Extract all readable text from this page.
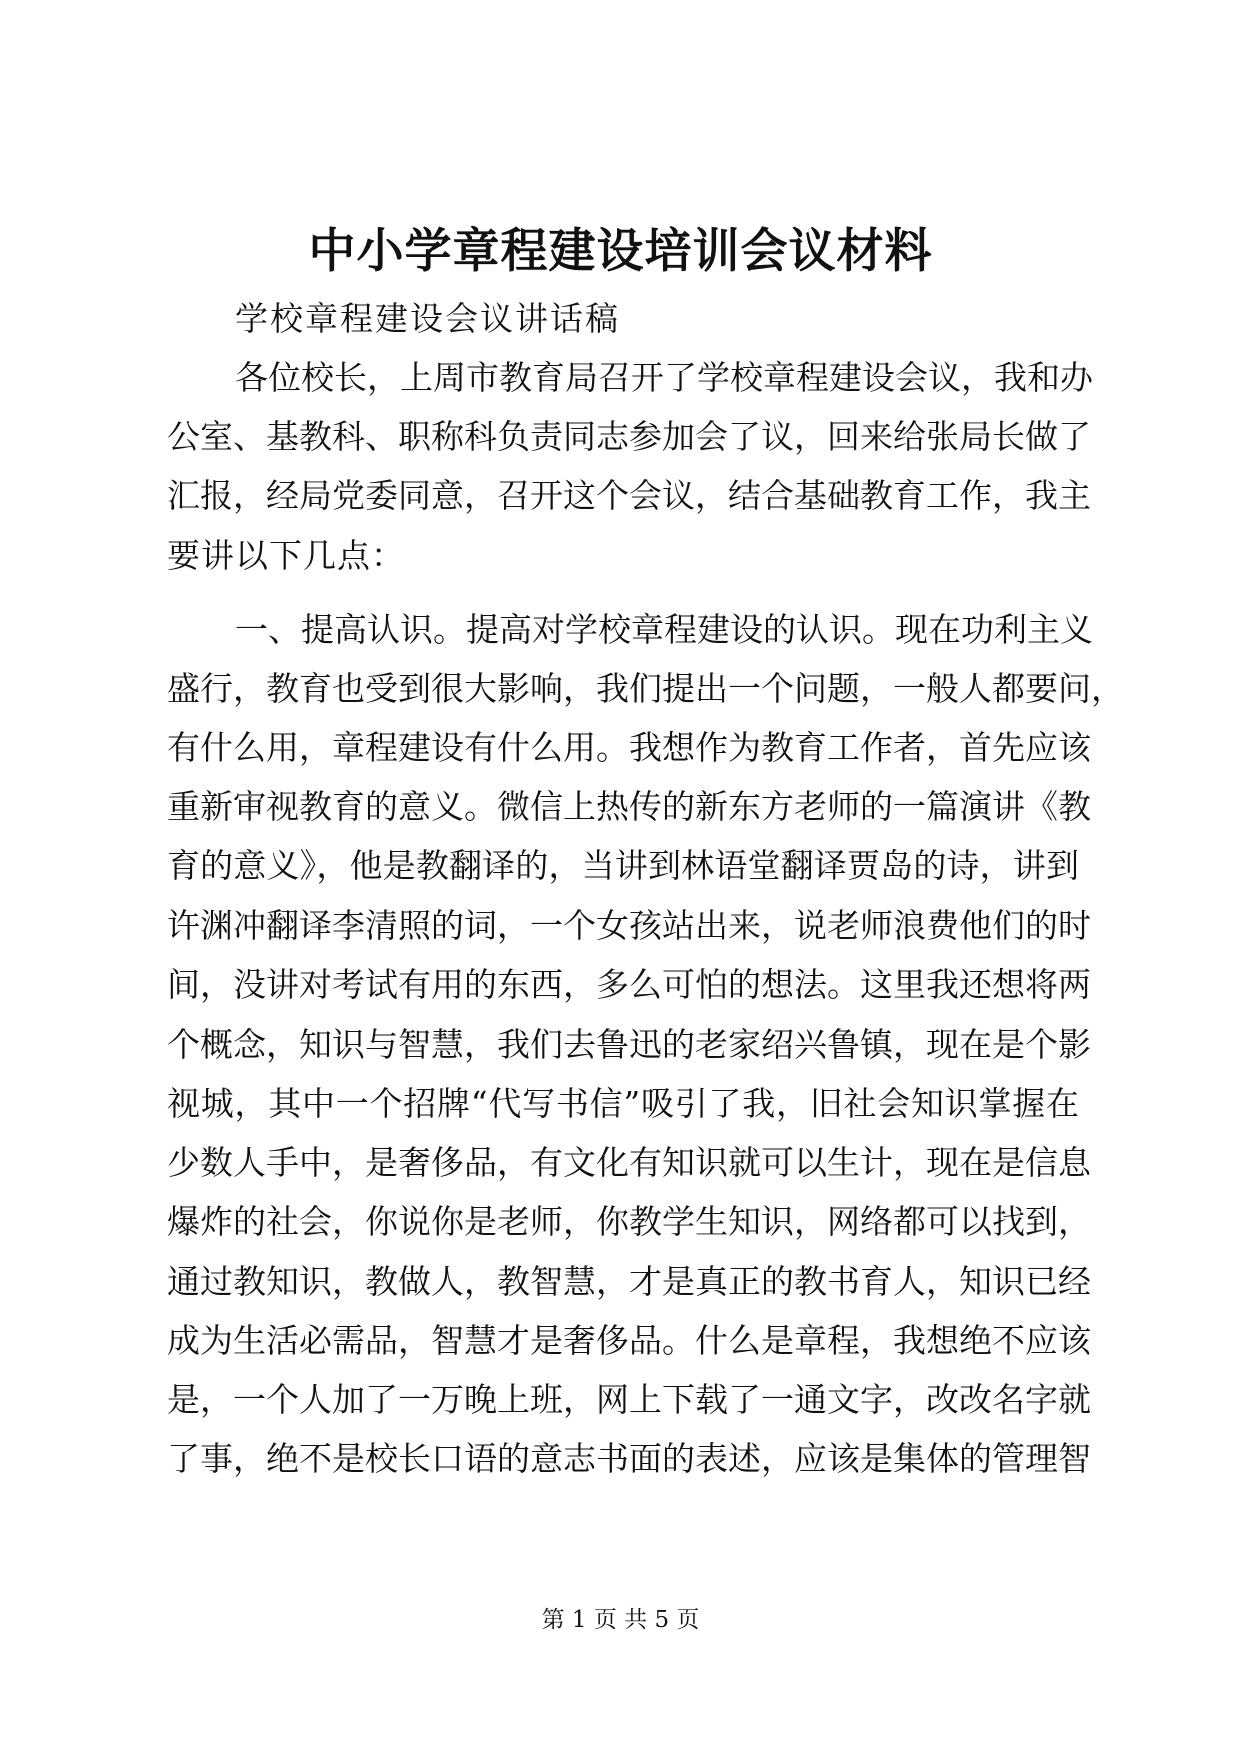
中小学章程建设培训会议材料
学校章程建设会议讲话稿
各位校长，上周市教育局召开了学校章程建设会议，我和办
公室、基教科、职称科负责同志参加会了议，回来给张局长做了
汇报，经局党委同意，召开这个会议，结合基础教育工作，我主
要讲以下几点：
一、提高认识。提高对学校章程建设的认识。现在功利主义
盛行，教育也受到很大影响，我们提出一个问题，一般人都要问，
有什么用，章程建设有什么用。我想作为教育工作者，首先应该
重新审视教育的意义。微信上热传的新东方老师的一篇演讲《教
育的意义》，他是教翻译的，当讲到林语堂翻译贾岛的诗，讲到
许渊冲翻译李清照的词，一个女孩站出来，说老师浪费他们的时
间，没讲对考试有用的东西，多么可怕的想法。这里我还想将两
个概念，知识与智慧，我们去鲁迅的老家绍兴鲁镇，现在是个影
视城，其中一个招牌“代写书信”吸引了我，旧社会知识掌握在
少数人手中，是奢侈品，有文化有知识就可以生计，现在是信息
爆炸的社会，你说你是老师，你教学生知识，网络都可以找到，
通过教知识，教做人，教智慧，才是真正的教书育人，知识已经
成为生活必需品，智慧才是奢侈品。什么是章程，我想绝不应该
是，一个人加了一万晚上班，网上下载了一通文字，改改名字就
了事，绝不是校长口语的意志书面的表述，应该是集体的管理智
第 1 页 共 5 页
